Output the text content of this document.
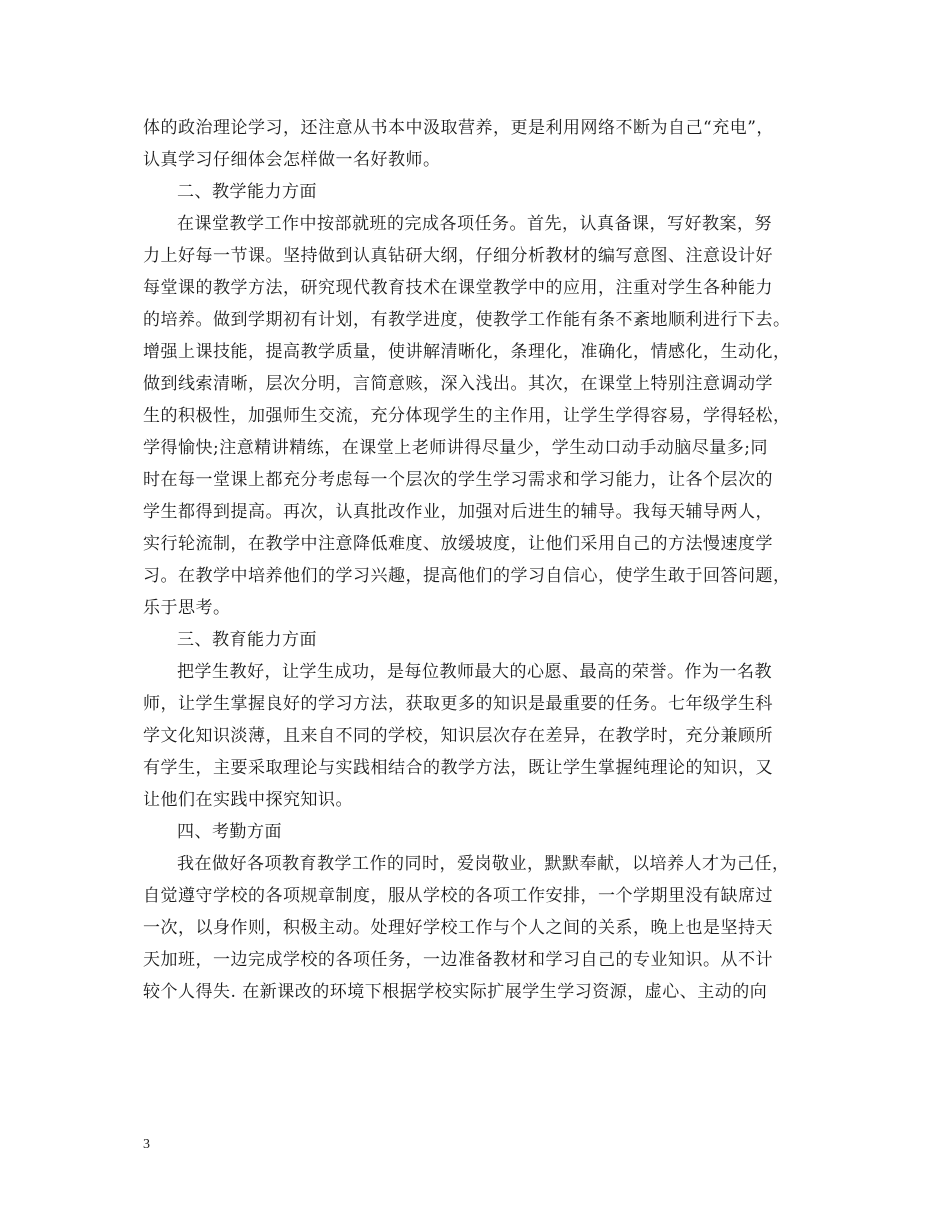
体的政治理论学习，还注意从书本中汲取营养，更是利用网络不断为自己“充电”，
认真学习仔细体会怎样做一名好教师。
二、教学能力方面
在课堂教学工作中按部就班的完成各项任务。首先，认真备课，写好教案，努
力上好每一节课。坚持做到认真钻研大纲，仔细分析教材的编写意图、注意设计好
每堂课的教学方法，研究现代教育技术在课堂教学中的应用，注重对学生各种能力
的培养。做到学期初有计划，有教学进度，使教学工作能有条不紊地顺利进行下去。
增强上课技能，提高教学质量，使讲解清晰化，条理化，准确化，情感化，生动化，
做到线索清晰，层次分明，言简意赅，深入浅出。其次，在课堂上特别注意调动学
生的积极性，加强师生交流，充分体现学生的主作用，让学生学得容易，学得轻松，
学得愉快;注意精讲精练，在课堂上老师讲得尽量少，学生动口动手动脑尽量多;同
时在每一堂课上都充分考虑每一个层次的学生学习需求和学习能力，让各个层次的
学生都得到提高。再次，认真批改作业，加强对后进生的辅导。我每天辅导两人，
实行轮流制，在教学中注意降低难度、放缓坡度，让他们采用自己的方法慢速度学
习。在教学中培养他们的学习兴趣，提高他们的学习自信心，使学生敢于回答问题，
乐于思考。
三、教育能力方面
把学生教好，让学生成功，是每位教师最大的心愿、最高的荣誉。作为一名教
师，让学生掌握良好的学习方法，获取更多的知识是最重要的任务。七年级学生科
学文化知识淡薄，且来自不同的学校，知识层次存在差异，在教学时，充分兼顾所
有学生，主要采取理论与实践相结合的教学方法，既让学生掌握纯理论的知识，又
让他们在实践中探究知识。
四、考勤方面
我在做好各项教育教学工作的同时，爱岗敬业，默默奉献，以培养人才为己任，
自觉遵守学校的各项规章制度，服从学校的各项工作安排，一个学期里没有缺席过
一次，以身作则，积极主动。处理好学校工作与个人之间的关系，晚上也是坚持天
天加班，一边完成学校的各项任务，一边准备教材和学习自己的专业知识。从不计
较个人得失. 在新课改的环境下根据学校实际扩展学生学习资源，虚心、主动的向
3
